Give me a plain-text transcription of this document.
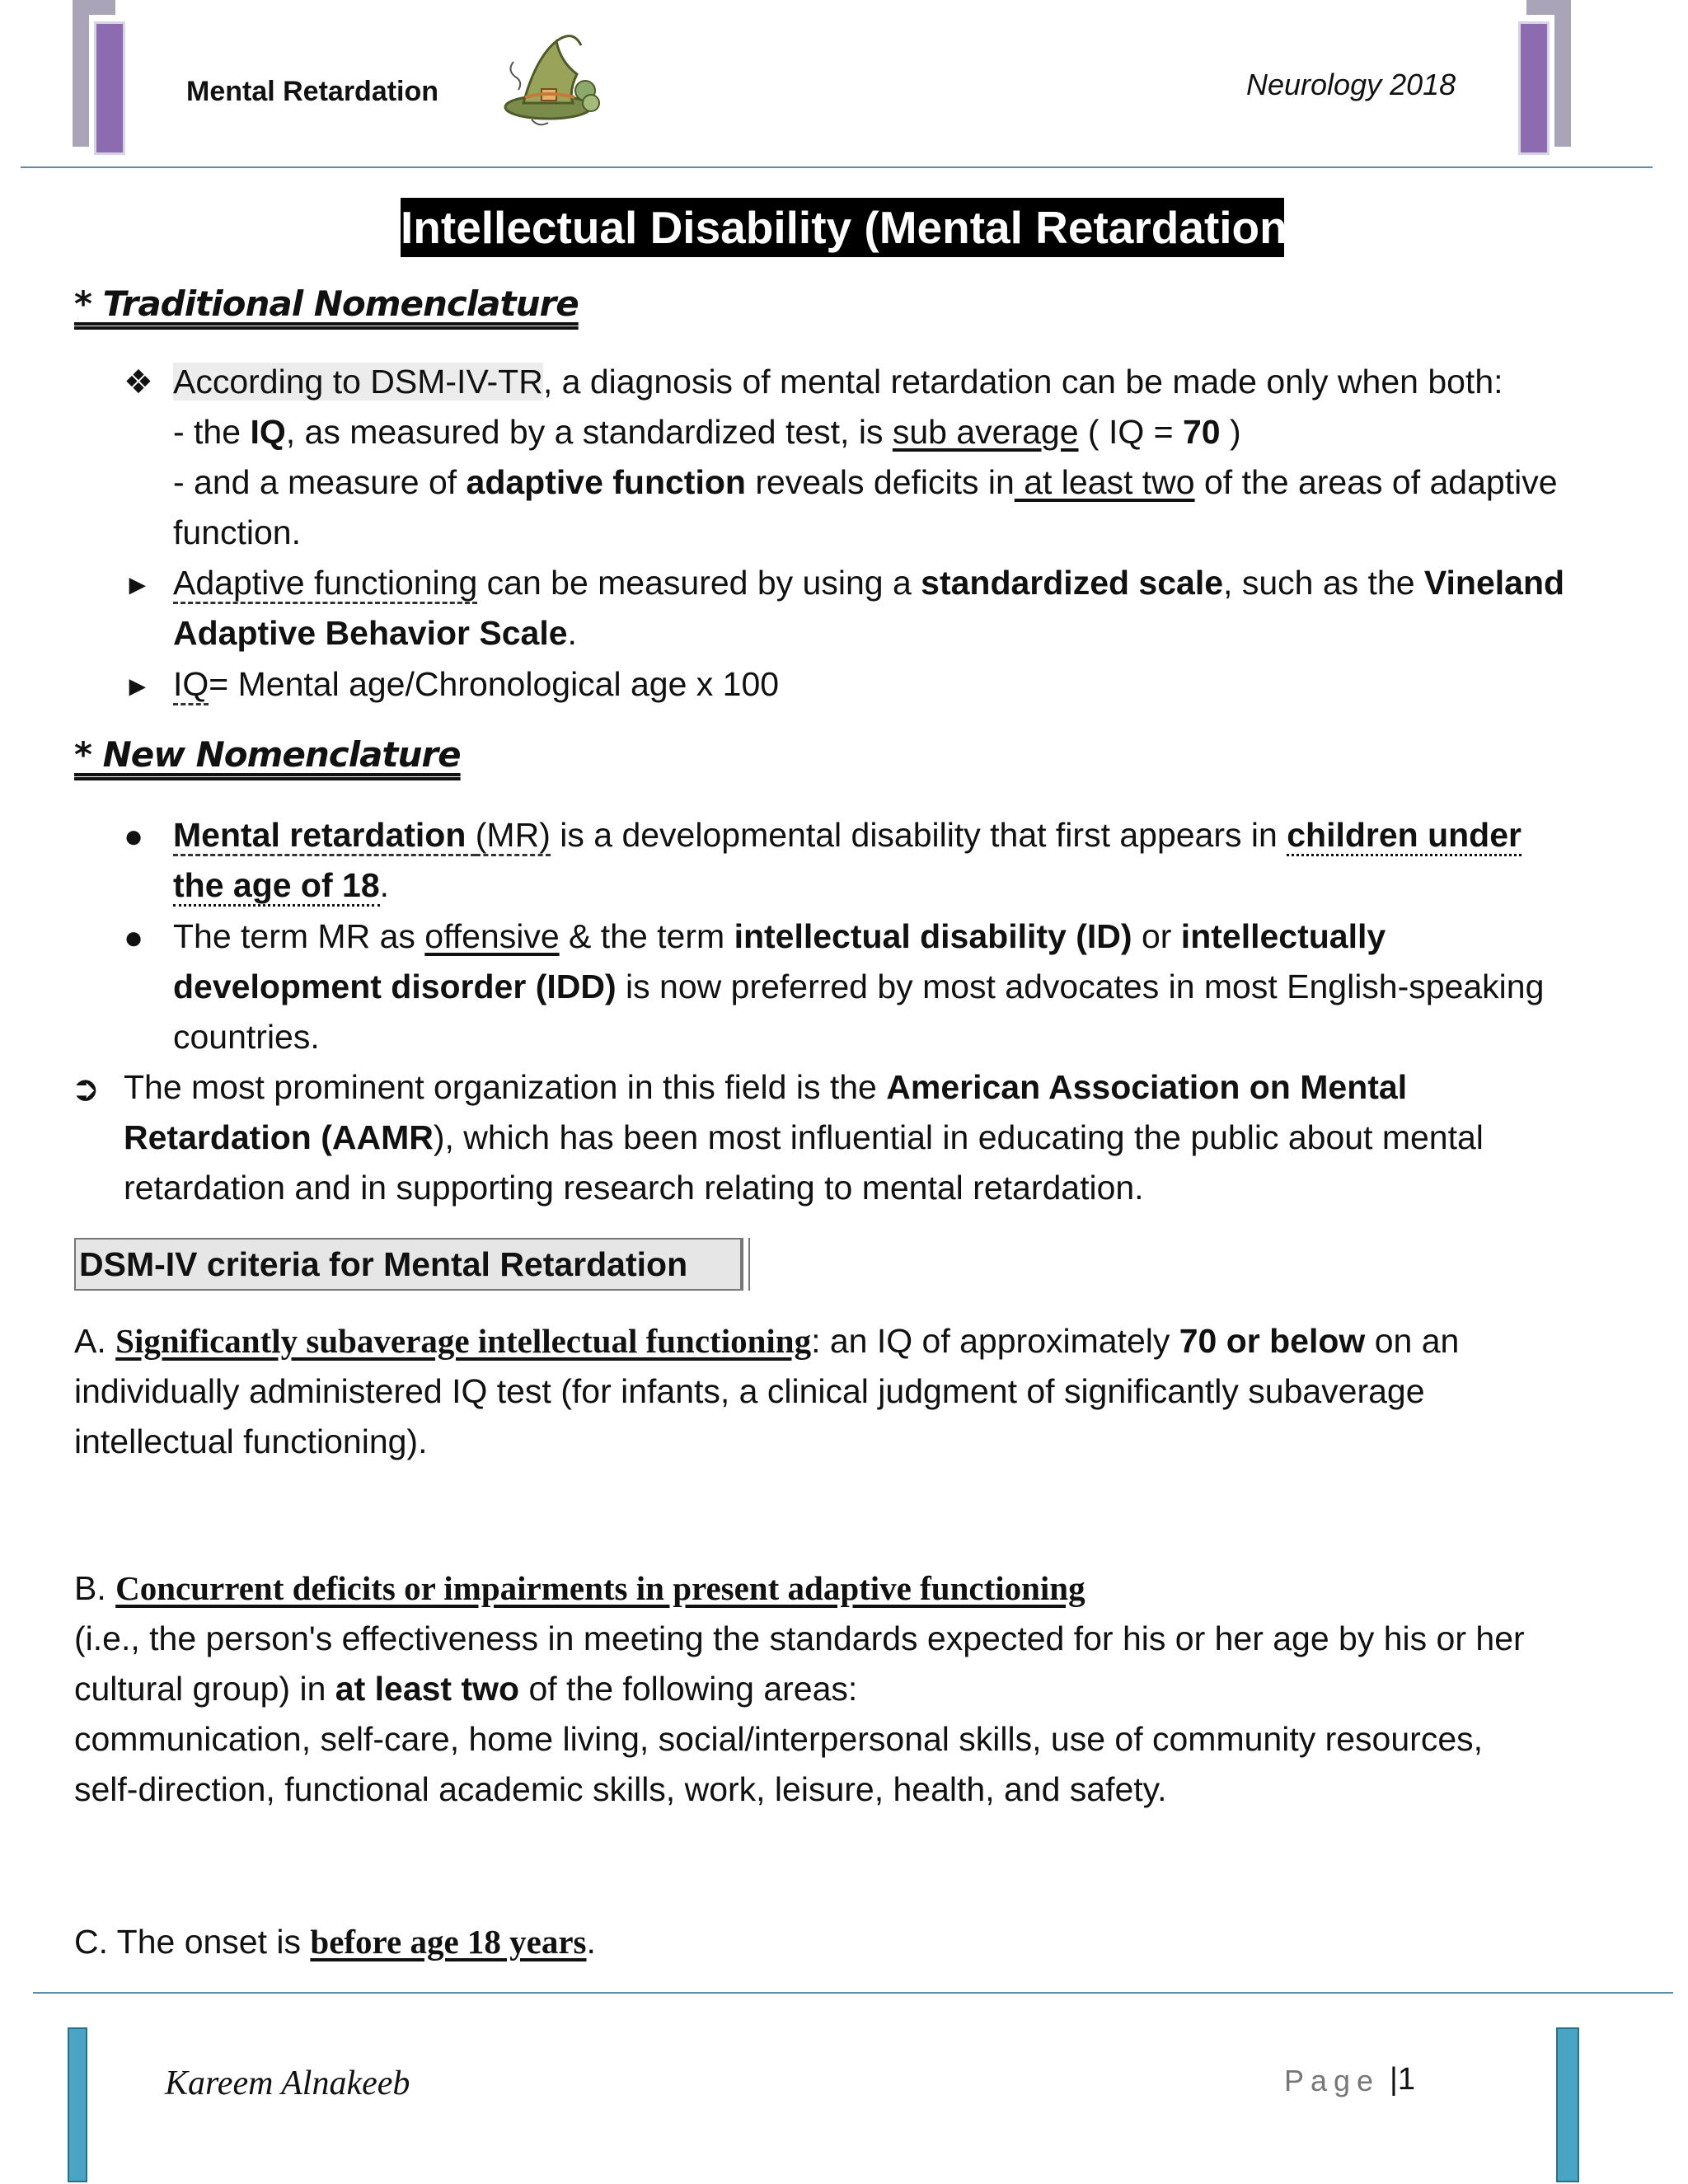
Mental Retardation	Neurology 2018
Intellectual Disability (Mental Retardation)
* Traditional Nomenclature
❖ According to DSM-IV-TR, a diagnosis of mental retardation can be made only when both:
- the IQ, as measured by a standardized test, is sub average ( IQ = 70 )
- and a measure of adaptive function reveals deficits in at least two of the areas of adaptive
function.
► Adaptive functioning can be measured by using a standardized scale, such as the Vineland
Adaptive Behavior Scale.
► IQ= Mental age/Chronological age x 100
* New Nomenclature
● Mental retardation (MR) is a developmental disability that first appears in children under
the age of 18.
● The term MR as offensive & the term intellectual disability (ID) or intellectually
development disorder (IDD) is now preferred by most advocates in most English-speaking
countries.
➲ The most prominent organization in this field is the American Association on Mental
Retardation (AAMR), which has been most influential in educating the public about mental
retardation and in supporting research relating to mental retardation.
DSM-IV criteria for Mental Retardation
A. Significantly subaverage intellectual functioning: an IQ of approximately 70 or below on an
individually administered IQ test (for infants, a clinical judgment of significantly subaverage
intellectual functioning).
B. Concurrent deficits or impairments in present adaptive functioning
(i.e., the person's effectiveness in meeting the standards expected for his or her age by his or her
cultural group) in at least two of the following areas:
communication, self-care, home living, social/interpersonal skills, use of community resources,
self-direction, functional academic skills, work, leisure, health, and safety.
C. The onset is before age 18 years.
Kareem Alnakeeb	Page |1
